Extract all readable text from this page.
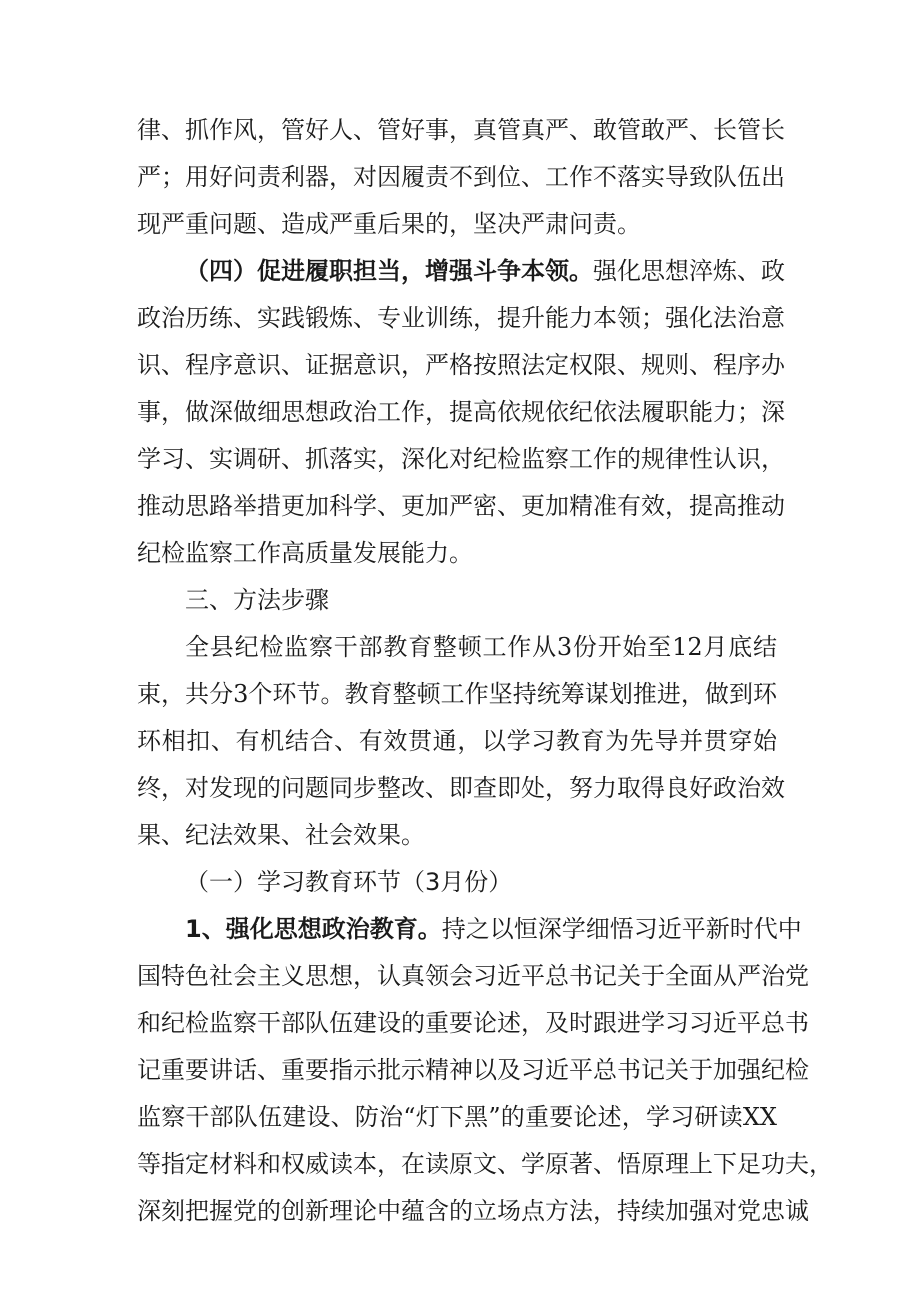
律、抓作风，管好人、管好事，真管真严、敢管敢严、长管长
严；用好问责利器，对因履责不到位、工作不落实导致队伍出
现严重问题、造成严重后果的，坚决严肃问责。
（四）促进履职担当，增强斗争本领。强化思想淬炼、政
政治历练、实践锻炼、专业训练，提升能力本领；强化法治意
识、程序意识、证据意识，严格按照法定权限、规则、程序办
事，做深做细思想政治工作，提高依规依纪依法履职能力；深
学习、实调研、抓落实，深化对纪检监察工作的规律性认识，
推动思路举措更加科学、更加严密、更加精准有效，提高推动
纪检监察工作高质量发展能力。
三、方法步骤
全县纪检监察干部教育整顿工作从3份开始至12月底结
束，共分3个环节。教育整顿工作坚持统筹谋划推进，做到环
环相扣、有机结合、有效贯通，以学习教育为先导并贯穿始
终，对发现的问题同步整改、即查即处，努力取得良好政治效
果、纪法效果、社会效果。
（一）学习教育环节（3月份）
1、强化思想政治教育。持之以恒深学细悟习近平新时代中
国特色社会主义思想，认真领会习近平总书记关于全面从严治党
和纪检监察干部队伍建设的重要论述，及时跟进学习习近平总书
记重要讲话、重要指示批示精神以及习近平总书记关于加强纪检
监察干部队伍建设、防治“灯下黑”的重要论述，学习研读XX
等指定材料和权威读本，在读原文、学原著、悟原理上下足功夫，
深刻把握党的创新理论中蕴含的立场点方法，持续加强对党忠诚
